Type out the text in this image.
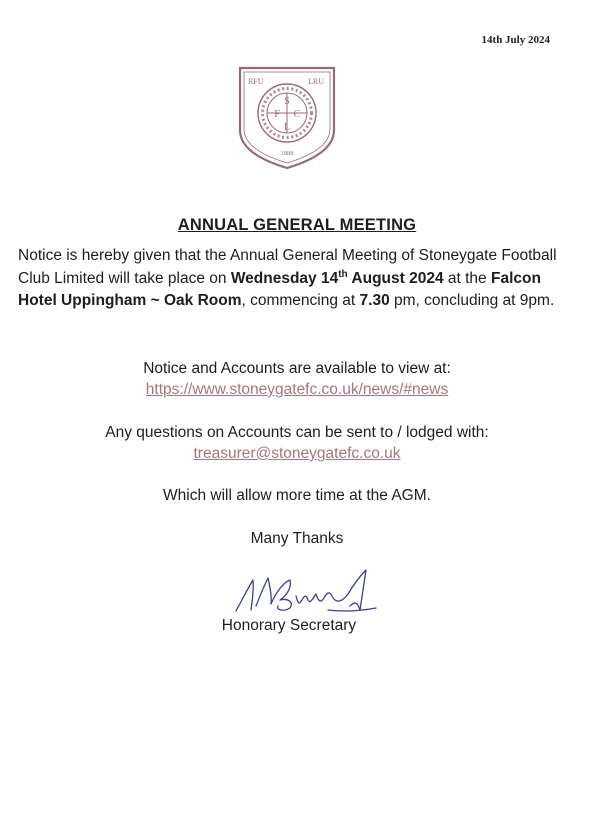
14th July 2024
RFU	LRU
S
F C
L
1888
ANNUAL GENERAL MEETING
Notice is hereby given that the Annual General Meeting of Stoneygate Football Club Limited will take place on Wednesday 14th August 2024 at the Falcon Hotel Uppingham ~ Oak Room, commencing at 7.30 pm, concluding at 9pm.
Notice and Accounts are available to view at:
https://www.stoneygatefc.co.uk/news/#news
Any questions on Accounts can be sent to / lodged with:
treasurer@stoneygatefc.co.uk
Which will allow more time at the AGM.
Many Thanks
Honorary Secretary
